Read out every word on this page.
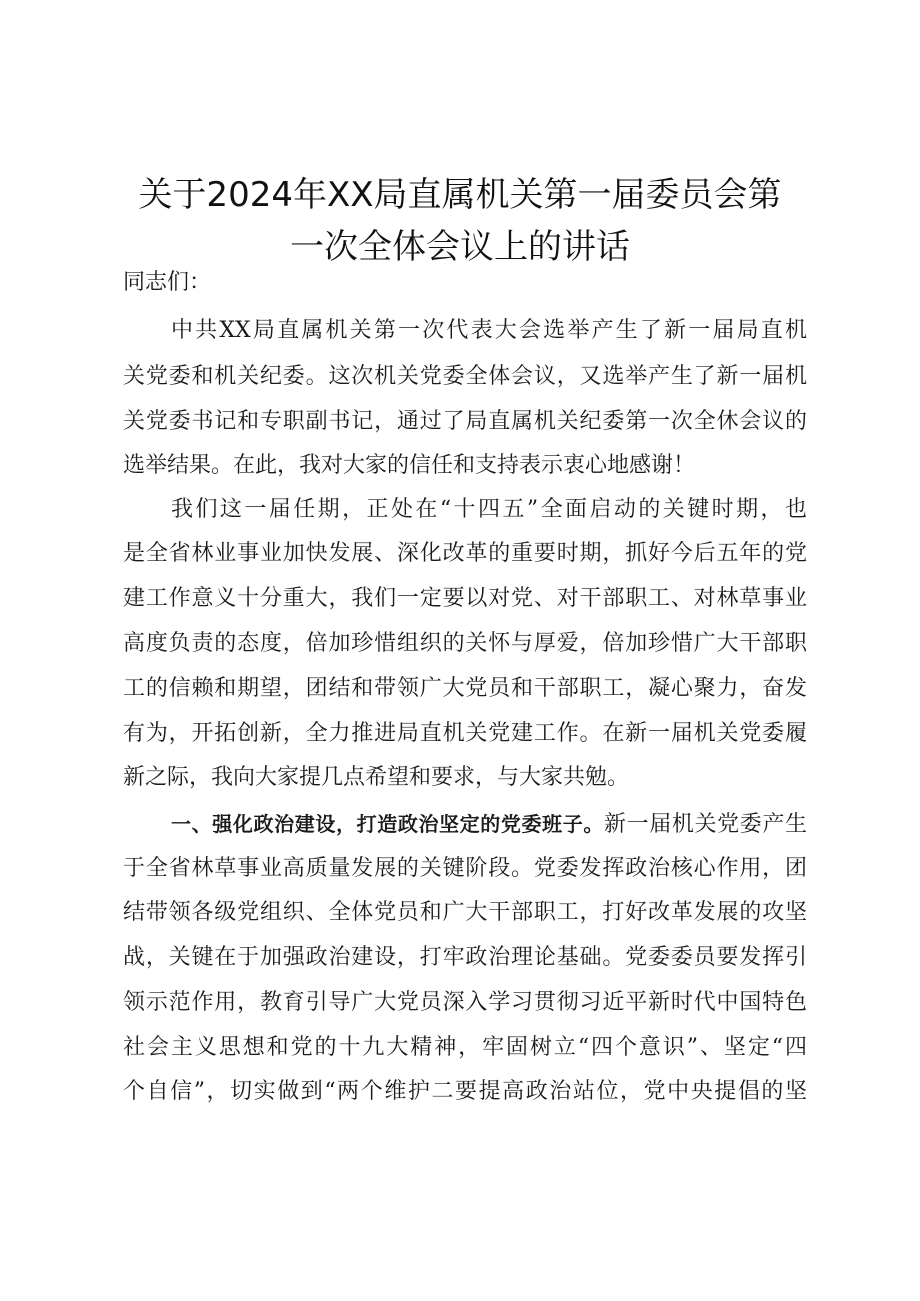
关于2024年XX局直属机关第一届委员会第
一次全体会议上的讲话

同志们：

中共XX局直属机关第一次代表大会选举产生了新一届局直机

关党委和机关纪委。这次机关党委全体会议，又选举产生了新一届机

关党委书记和专职副书记，通过了局直属机关纪委第一次全休会议的

选举结果。在此，我对大家的信任和支持表示衷心地感谢！

我们这一届任期，正处在“十四五”全面启动的关键时期，也

是全省林业事业加快发展、深化改革的重要时期，抓好今后五年的党

建工作意义十分重大，我们一定要以对党、对干部职工、对林草事业

高度负责的态度，倍加珍惜组织的关怀与厚爱，倍加珍惜广大干部职

工的信赖和期望，团结和带领广大党员和干部职工，凝心聚力，奋发

有为，开拓创新，全力推进局直机关党建工作。在新一届机关党委履

新之际，我向大家提几点希望和要求，与大家共勉。

一、强化政治建设，打造政治坚定的党委班子。新一届机关党委产生

于全省林草事业高质量发展的关键阶段。党委发挥政治核心作用，团

结带领各级党组织、全体党员和广大干部职工，打好改革发展的攻坚

战，关键在于加强政治建设，打牢政治理论基础。党委委员要发挥引

领示范作用，教育引导广大党员深入学习贯彻习近平新时代中国特色

社会主义思想和党的十九大精神，牢固树立“四个意识”、坚定“四

个自信”，切实做到“两个维护二要提高政治站位，党中央提倡的坚
